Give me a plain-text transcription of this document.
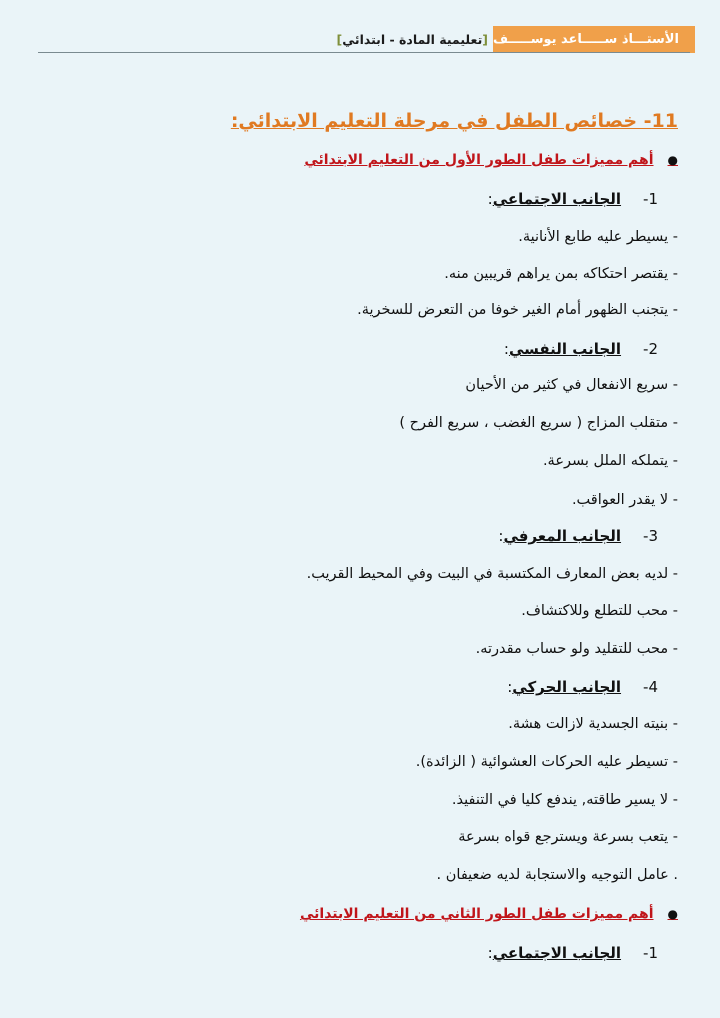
الأستـــاذ ســـــاعد يوســـــف
[تعليمية المادة - ابتدائي]
11- خصائص الطفل في مرحلة التعليم الابتدائي:
●
أهم مميزات طفل الطور الأول من التعليم الابتدائي
1-
الجانب الاجتماعي
:
- يسيطر عليه طابع الأنانية.
- يقتصر احتكاكه بمن يراهم قريبين منه.
- يتجنب الظهور أمام الغير خوفا من التعرض للسخرية.
2-
الجانب النفسي
:
- سريع الانفعال في كثير من الأحيان
- متقلب المزاج ( سريع الغضب ، سريع الفرح )
- يتملكه الملل بسرعة.
- لا يقدر العواقب.
3-
الجانب المعرفي
:
- لديه بعض المعارف المكتسبة في البيت وفي المحيط القريب.
- محب للتطلع وللاكتشاف.
- محب للتقليد ولو حساب مقدرته.
4-
الجانب الحركي
:
- بنيته الجسدية لازالت هشة.
- تسيطر عليه الحركات العشوائية ( الزائدة).
- لا يسير طاقته, يندفع كليا في التنفيذ.
- يتعب بسرعة ويسترجع قواه بسرعة
. عامل التوجيه والاستجابة لديه ضعيفان .
●
أهم مميزات طفل الطور الثاني من التعليم الابتدائي
1-
الجانب الاجتماعي
:
